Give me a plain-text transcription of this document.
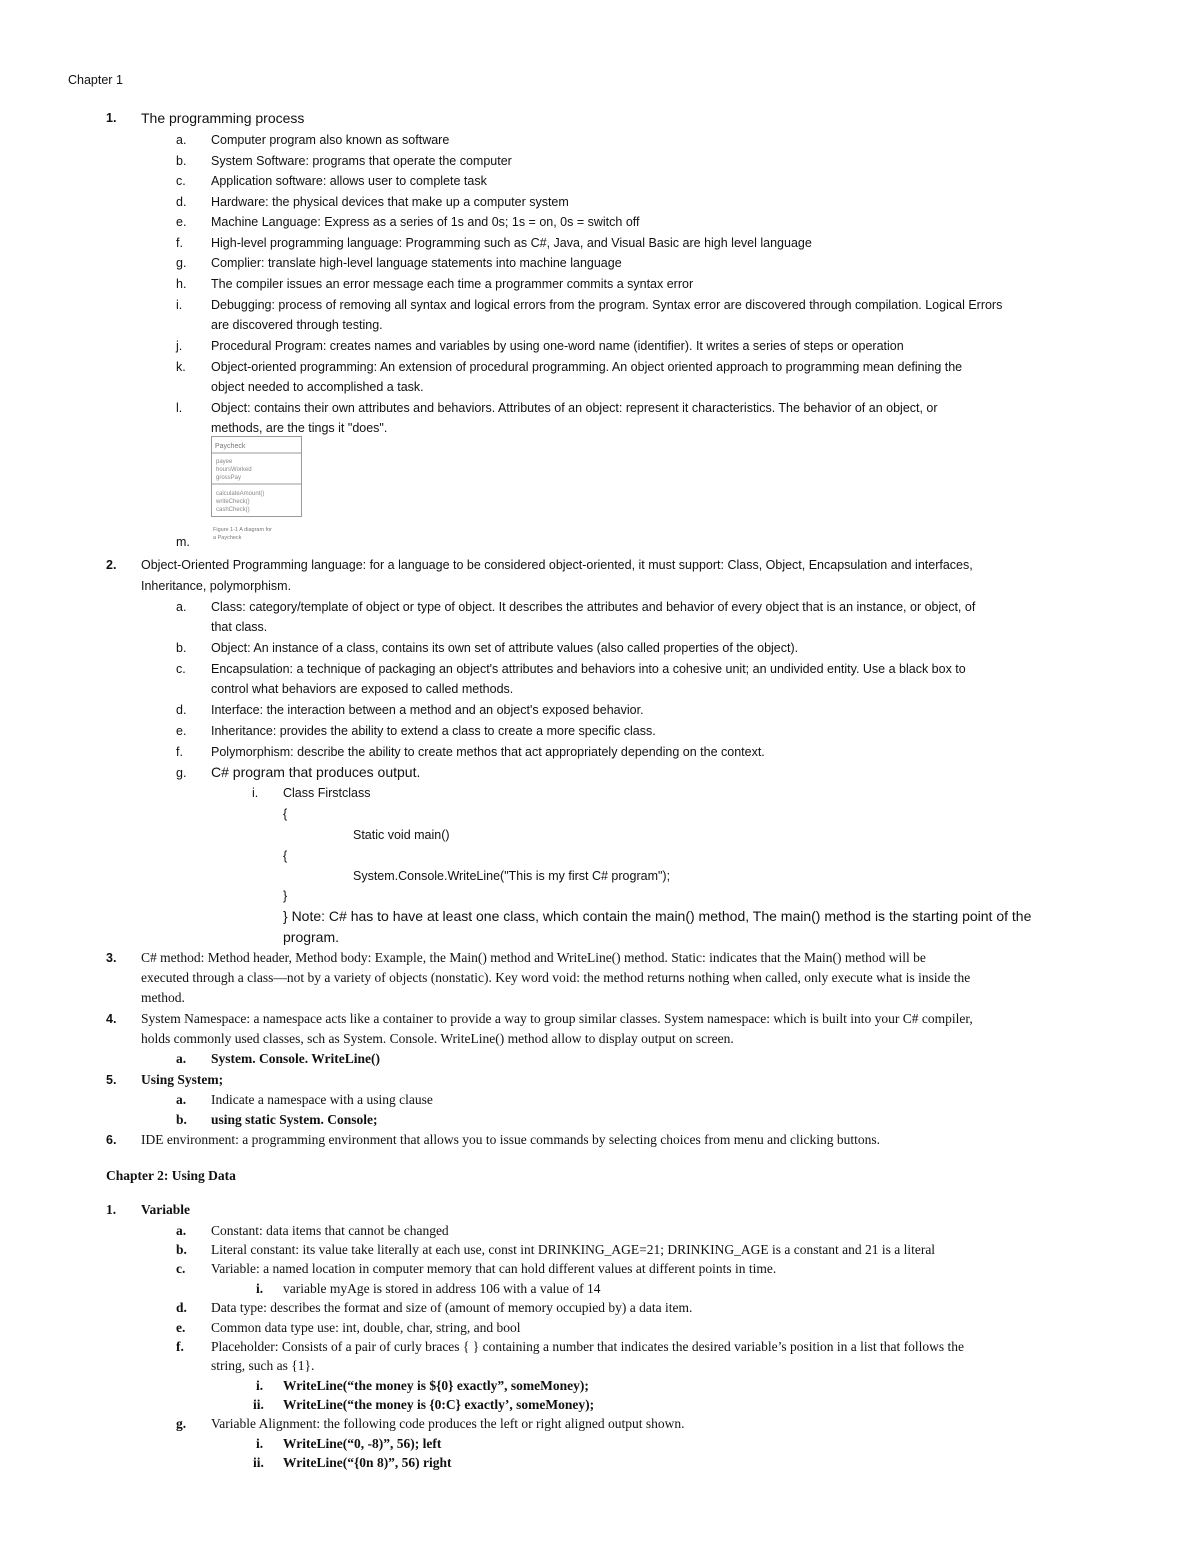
Chapter 1
1. The programming process
a. Computer program also known as software
b. System Software: programs that operate the computer
c. Application software: allows user to complete task
d. Hardware: the physical devices that make up a computer system
e. Machine Language: Express as a series of 1s and 0s; 1s = on, 0s = switch off
f. High-level programming language: Programming such as C#, Java, and Visual Basic are high level language
g. Complier: translate high-level language statements into machine language
h. The compiler issues an error message each time a programmer commits a syntax error
i. Debugging: process of removing all syntax and logical errors from the program. Syntax error are discovered through compilation. Logical Errors
are discovered through testing.
j. Procedural Program: creates names and variables by using one-word name (identifier). It writes a series of steps or operation
k. Object-oriented programming: An extension of procedural programming. An object oriented approach to programming mean defining the
object needed to accomplished a task.
l. Object: contains their own attributes and behaviors. Attributes of an object: represent it characteristics. The behavior of an object, or
methods, are the tings it "does".
Paycheck
payee
hoursWorked
grossPay
calculateAmount()
writeCheck()
cashCheck()
Figure 1-1 A diagram for
a Paycheck
m.
2. Object-Oriented Programming language: for a language to be considered object-oriented, it must support: Class, Object, Encapsulation and interfaces,
Inheritance, polymorphism.
a. Class: category/template of object or type of object. It describes the attributes and behavior of every object that is an instance, or object, of
that class.
b. Object: An instance of a class, contains its own set of attribute values (also called properties of the object).
c. Encapsulation: a technique of packaging an object's attributes and behaviors into a cohesive unit; an undivided entity. Use a black box to
control what behaviors are exposed to called methods.
d. Interface: the interaction between a method and an object's exposed behavior.
e. Inheritance: provides the ability to extend a class to create a more specific class.
f. Polymorphism: describe the ability to create methos that act appropriately depending on the context.
g. C# program that produces output.
i. Class Firstclass
{
Static void main()
{
System.Console.WriteLine("This is my first C# program");
}
} Note: C# has to have at least one class, which contain the main() method, The main() method is the starting point of the
program.
3. C# method: Method header, Method body: Example, the Main() method and WriteLine() method. Static: indicates that the Main() method will be
executed through a class—not by a variety of objects (nonstatic). Key word void: the method returns nothing when called, only execute what is inside the
method.
4. System Namespace: a namespace acts like a container to provide a way to group similar classes. System namespace: which is built into your C# compiler,
holds commonly used classes, sch as System. Console. WriteLine() method allow to display output on screen.
a. System. Console. WriteLine()
5. Using System;
a. Indicate a namespace with a using clause
b. using static System. Console;
6. IDE environment: a programming environment that allows you to issue commands by selecting choices from menu and clicking buttons.
Chapter 2: Using Data
1. Variable
a. Constant: data items that cannot be changed
b. Literal constant: its value take literally at each use, const int DRINKING_AGE=21; DRINKING_AGE is a constant and 21 is a literal
c. Variable: a named location in computer memory that can hold different values at different points in time.
i. variable myAge is stored in address 106 with a value of 14
d. Data type: describes the format and size of (amount of memory occupied by) a data item.
e. Common data type use: int, double, char, string, and bool
f. Placeholder: Consists of a pair of curly braces { } containing a number that indicates the desired variable’s position in a list that follows the
string, such as {1}.
i. WriteLine(“the money is ${0} exactly”, someMoney);
ii. WriteLine(“the money is {0:C} exactly’, someMoney);
g. Variable Alignment: the following code produces the left or right aligned output shown.
i. WriteLine(“0, -8)”, 56); left
ii. WriteLine(“{0n 8)”, 56) right
